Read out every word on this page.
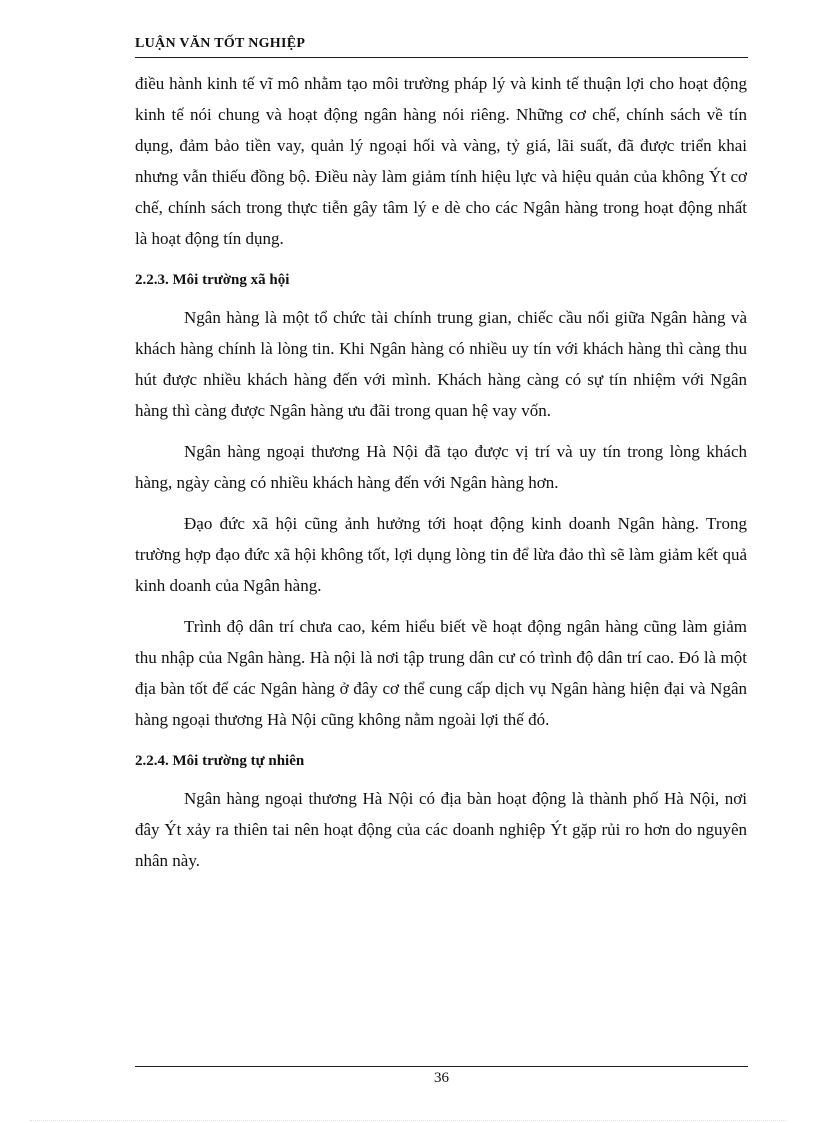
LUẬN VĂN TỐT NGHIỆP

điều hành kinh tế vĩ mô nhằm tạo môi trường pháp lý và kinh tế thuận lợi cho hoạt động kinh tế nói chung và hoạt động ngân hàng nói riêng. Những cơ chế, chính sách về tín dụng, đảm bảo tiền vay, quản lý ngoại hối và vàng, tỷ giá, lãi suất, đã được triển khai nhưng vẫn thiếu đồng bộ. Điều này làm giảm tính hiệu lực và hiệu quản của không Ýt cơ chế, chính sách trong thực tiễn gây tâm lý e dè cho các Ngân hàng trong hoạt động nhất là hoạt động tín dụng.

2.2.3. Môi trường xã hội

Ngân hàng là một tổ chức tài chính trung gian, chiếc cầu nối giữa Ngân hàng và khách hàng chính là lòng tin. Khi Ngân hàng có nhiều uy tín với khách hàng thì càng thu hút được nhiều khách hàng đến với mình. Khách hàng càng có sự tín nhiệm với Ngân hàng thì càng được Ngân hàng ưu đãi trong quan hệ vay vốn.

Ngân hàng ngoại thương Hà Nội đã tạo được vị trí và uy tín trong lòng khách hàng, ngày càng có nhiều khách hàng đến với Ngân hàng hơn.

Đạo đức xã hội cũng ảnh hưởng tới hoạt động kinh doanh Ngân hàng. Trong trường hợp đạo đức xã hội không tốt, lợi dụng lòng tin để lừa đảo thì sẽ làm giảm kết quả kinh doanh của Ngân hàng.

Trình độ dân trí chưa cao, kém hiểu biết về hoạt động ngân hàng cũng làm giảm thu nhập của Ngân hàng. Hà nội là nơi tập trung dân cư có trình độ dân trí cao. Đó là một địa bàn tốt để các Ngân hàng ở đây cơ thể cung cấp dịch vụ Ngân hàng hiện đại và Ngân hàng ngoại thương Hà Nội cũng không nằm ngoài lợi thế đó.

2.2.4. Môi trường tự nhiên

Ngân hàng ngoại thương Hà Nội có địa bàn hoạt động là thành phố Hà Nội, nơi đây Ýt xảy ra thiên tai nên hoạt động của các doanh nghiệp Ýt gặp rủi ro hơn do nguyên nhân này.

36
